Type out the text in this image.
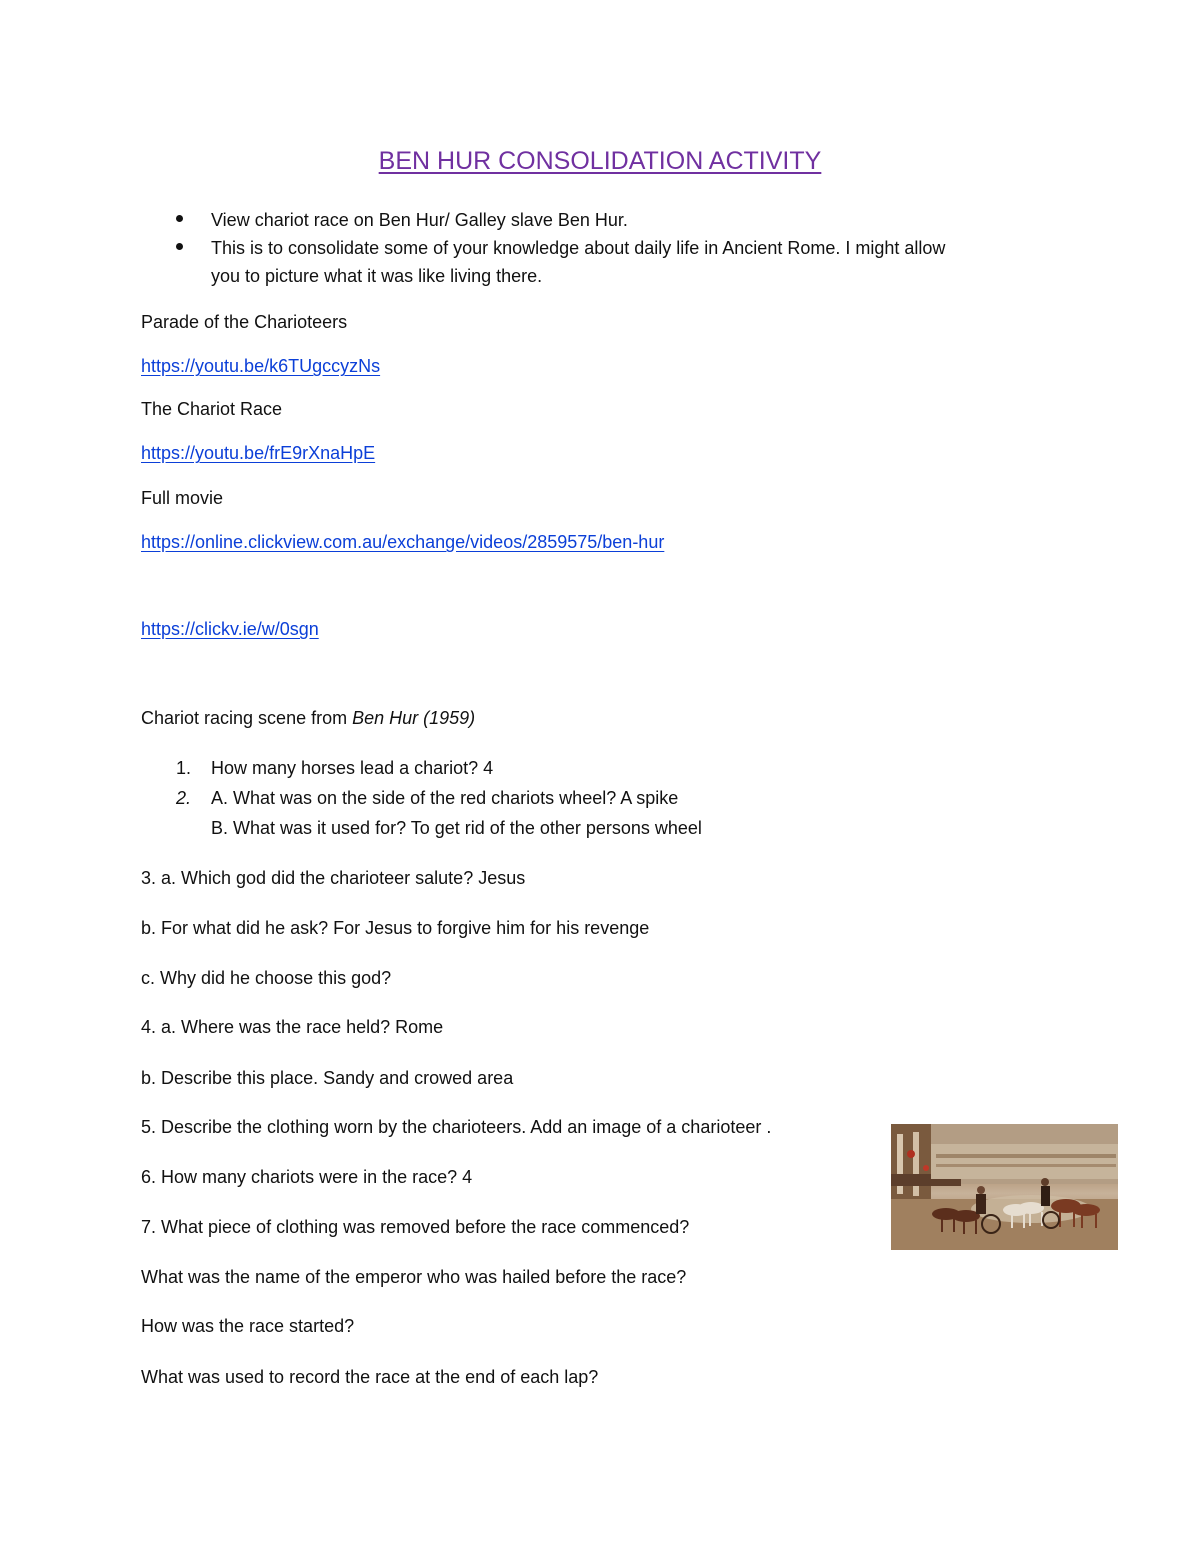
BEN HUR CONSOLIDATION ACTIVITY
View chariot race on Ben Hur/ Galley slave Ben Hur.
This is to consolidate some of your knowledge about daily life in Ancient Rome. I might allow
you to picture what it was like living there.
Parade of the Charioteers
https://youtu.be/k6TUgccyzNs
The Chariot Race
https://youtu.be/frE9rXnaHpE
Full movie
https://online.clickview.com.au/exchange/videos/2859575/ben-hur
https://clickv.ie/w/0sgn
Chariot racing scene from Ben Hur (1959)
1. How many horses lead a chariot? 4
2. A. What was on the side of the red chariots wheel? A spike
B. What was it used for? To get rid of the other persons wheel
3. a. Which god did the charioteer salute? Jesus
b. For what did he ask? For Jesus to forgive him for his revenge
c. Why did he choose this god?
4. a. Where was the race held? Rome
b. Describe this place. Sandy and crowed area
5. Describe the clothing worn by the charioteers. Add an image of a charioteer .
6. How many chariots were in the race? 4
7. What piece of clothing was removed before the race commenced?
What was the name of the emperor who was hailed before the race?
How was the race started?
What was used to record the race at the end of each lap?
